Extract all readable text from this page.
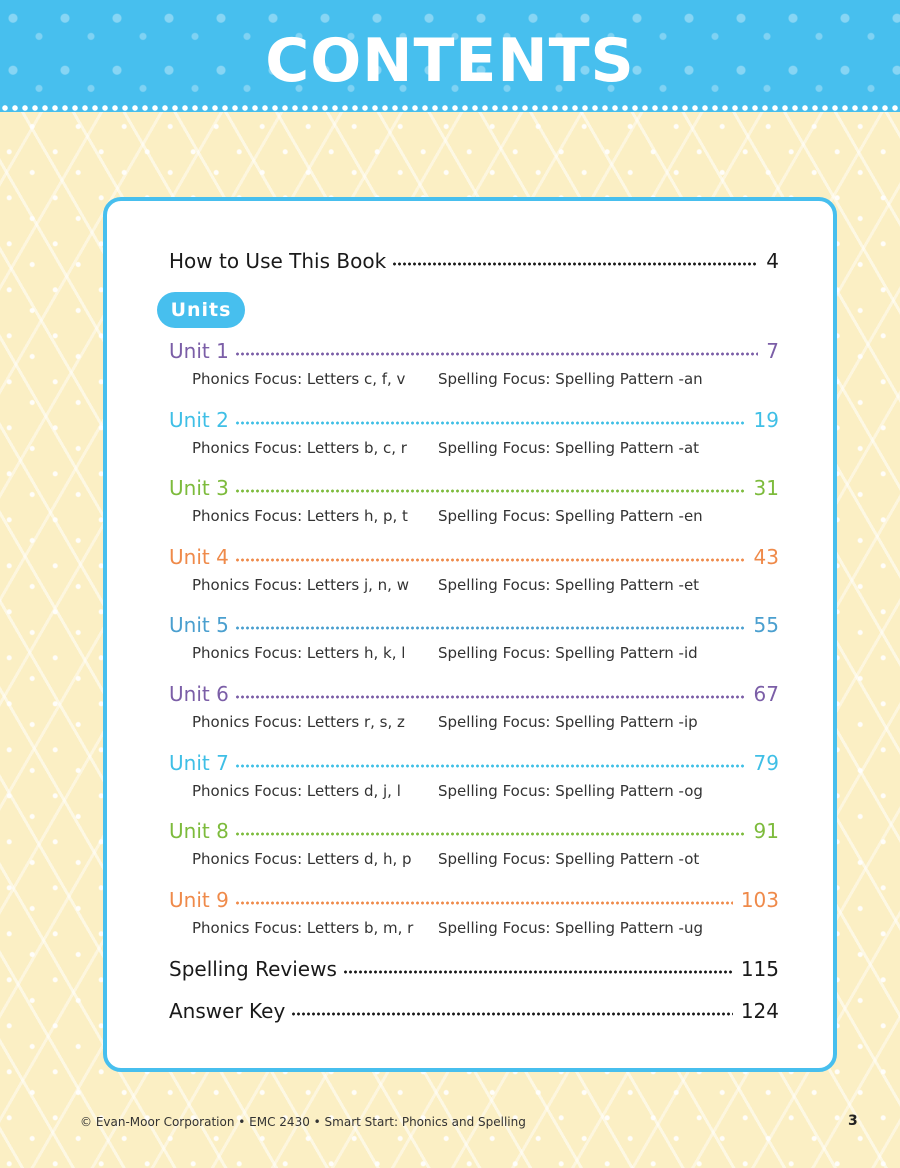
CONTENTS
How to Use This Book	4
Units
Unit 1	7
Phonics Focus: Letters c, f, v Spelling Focus: Spelling Pattern -an
Unit 2	19
Phonics Focus: Letters b, c, r Spelling Focus: Spelling Pattern -at
Unit 3	31
Phonics Focus: Letters h, p, t Spelling Focus: Spelling Pattern -en
Unit 4	43
Phonics Focus: Letters j, n, w Spelling Focus: Spelling Pattern -et
Unit 5	55
Phonics Focus: Letters h, k, l Spelling Focus: Spelling Pattern -id
Unit 6	67
Phonics Focus: Letters r, s, z Spelling Focus: Spelling Pattern -ip
Unit 7	79
Phonics Focus: Letters d, j, l Spelling Focus: Spelling Pattern -og
Unit 8	91
Phonics Focus: Letters d, h, p Spelling Focus: Spelling Pattern -ot
Unit 9	103
Phonics Focus: Letters b, m, r Spelling Focus: Spelling Pattern -ug
Spelling Reviews	115
Answer Key	124
© Evan-Moor Corporation • EMC 2430 • Smart Start: Phonics and Spelling	3
